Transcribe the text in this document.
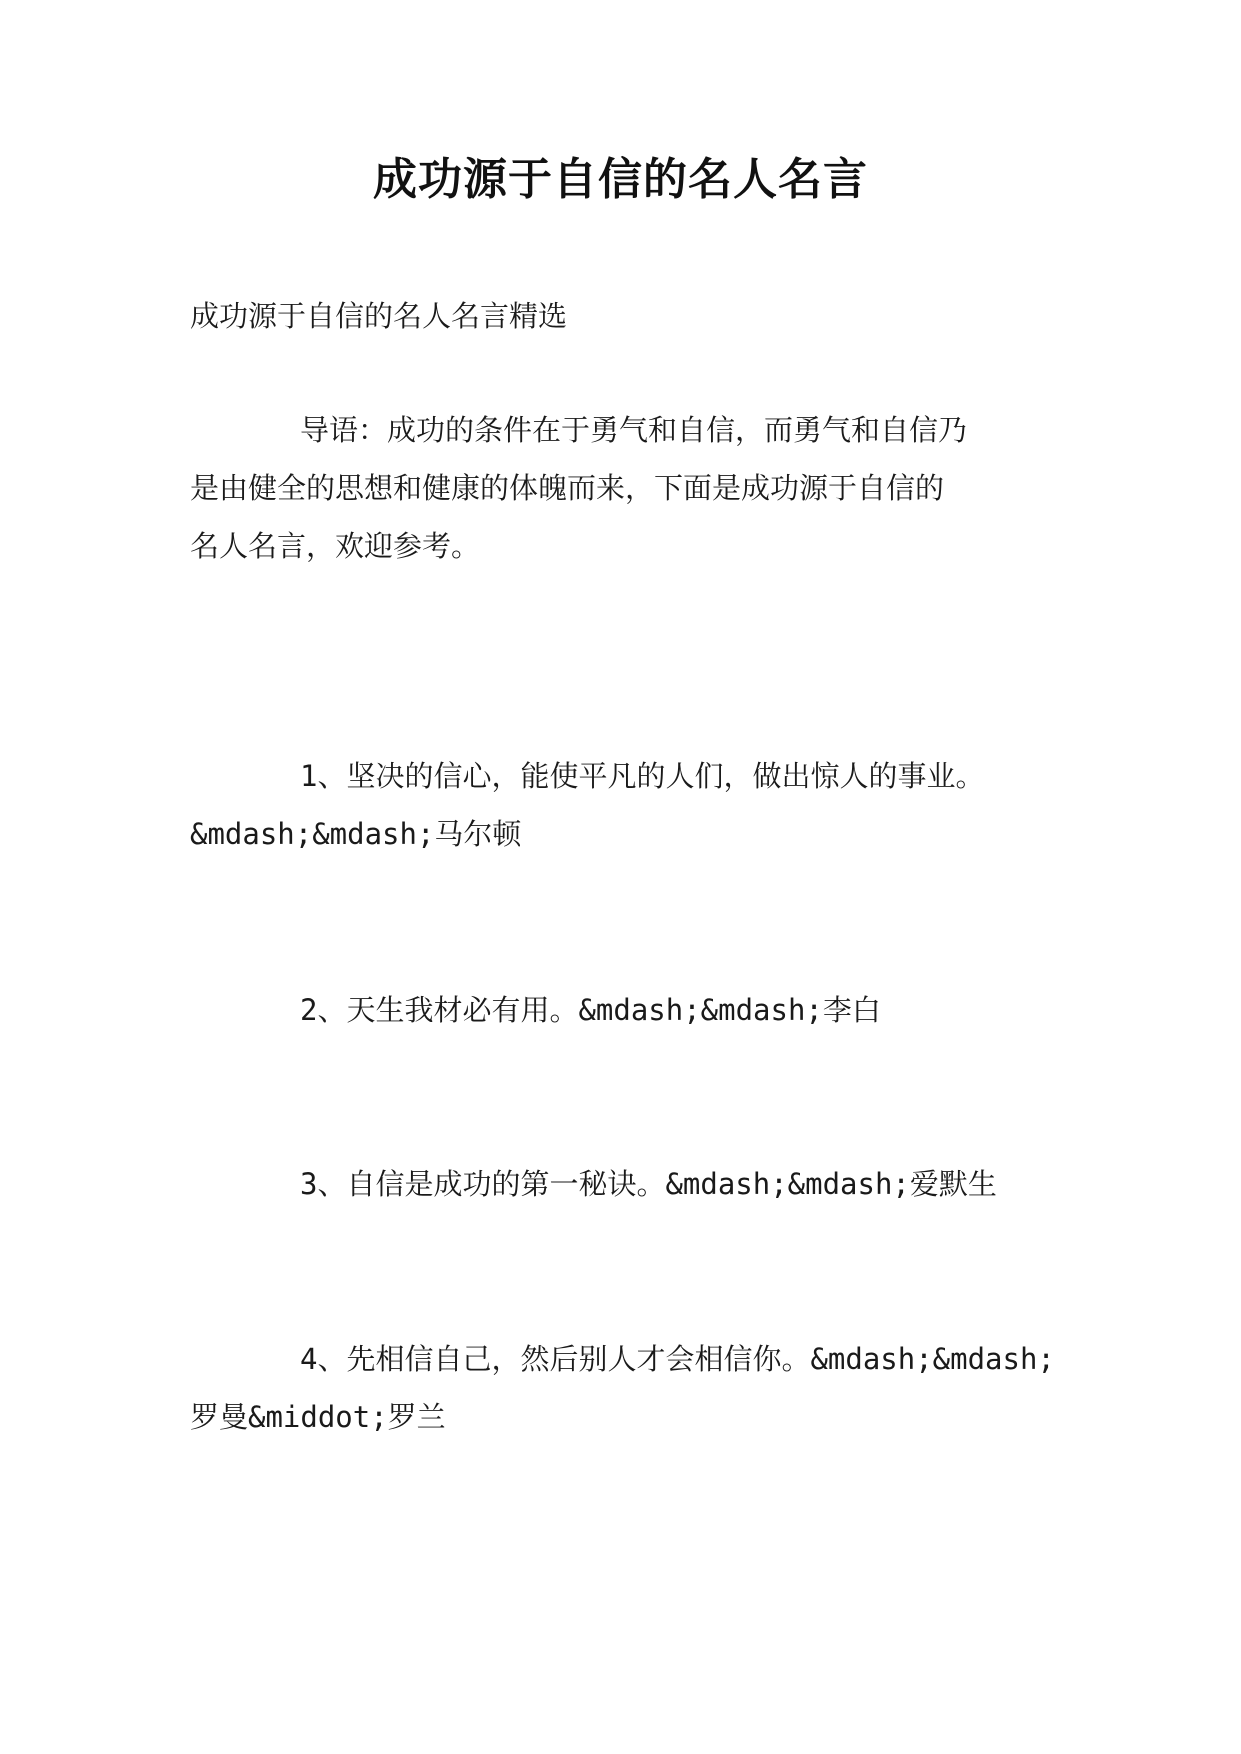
成功源于自信的名人名言
成功源于自信的名人名言精选
导语：成功的条件在于勇气和自信，而勇气和自信乃
是由健全的思想和健康的体魄而来，下面是成功源于自信的
名人名言，欢迎参考。
1、坚决的信心，能使平凡的人们，做出惊人的事业。
&mdash;&mdash;马尔顿
2、天生我材必有用。&mdash;&mdash;李白
3、自信是成功的第一秘诀。&mdash;&mdash;爱默生
4、先相信自己，然后别人才会相信你。&mdash;&mdash;
罗曼&middot;罗兰
